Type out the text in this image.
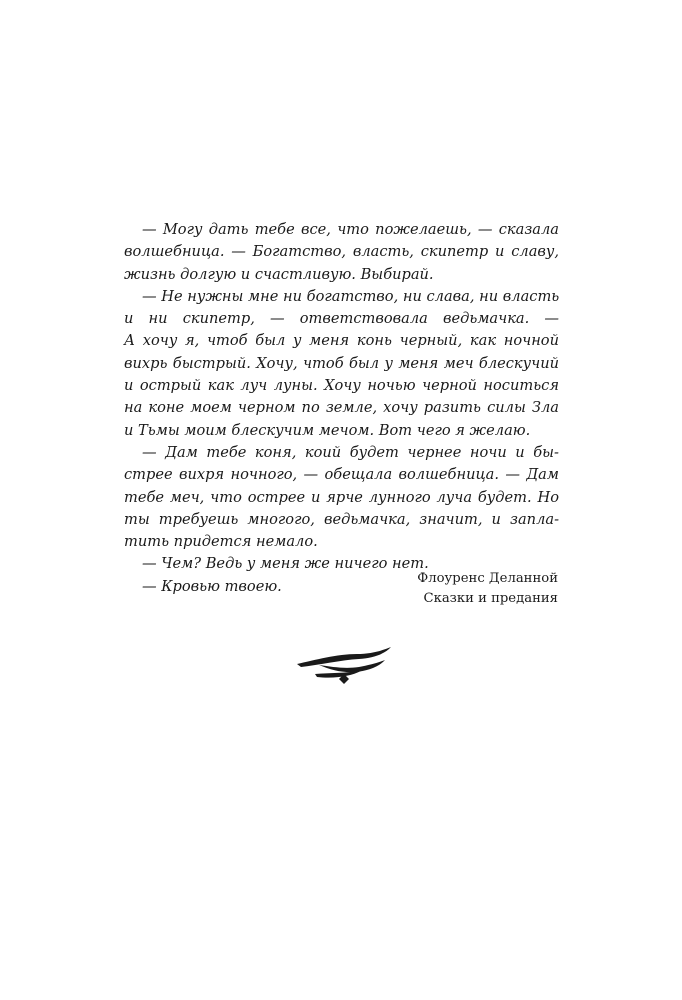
— Могу дать тебе все, что пожелаешь, — сказала
волшебница. — Богатство, власть, скипетр и славу,
жизнь долгую и счастливую. Выбирай.
— Не нужны мне ни богатство, ни слава, ни власть
и ни скипетр, — ответствовала ведьмачка. —
А хочу я, чтоб был у меня конь черный, как ночной
вихрь быстрый. Хочу, чтоб был у меня меч блескучий
и острый как луч луны. Хочу ночью черной носиться
на коне моем черном по земле, хочу разить силы Зла
и Тьмы моим блескучим мечом. Вот чего я желаю.
— Дам тебе коня, коий будет чернее ночи и бы-
стрее вихря ночного, — обещала волшебница. — Дам
тебе меч, что острее и ярче лунного луча будет. Но
ты требуешь многого, ведьмачка, значит, и запла-
тить придется немало.
— Чем? Ведь у меня же ничего нет.
— Кровью твоею.	Флоуренс Деланной
Сказки и предания
